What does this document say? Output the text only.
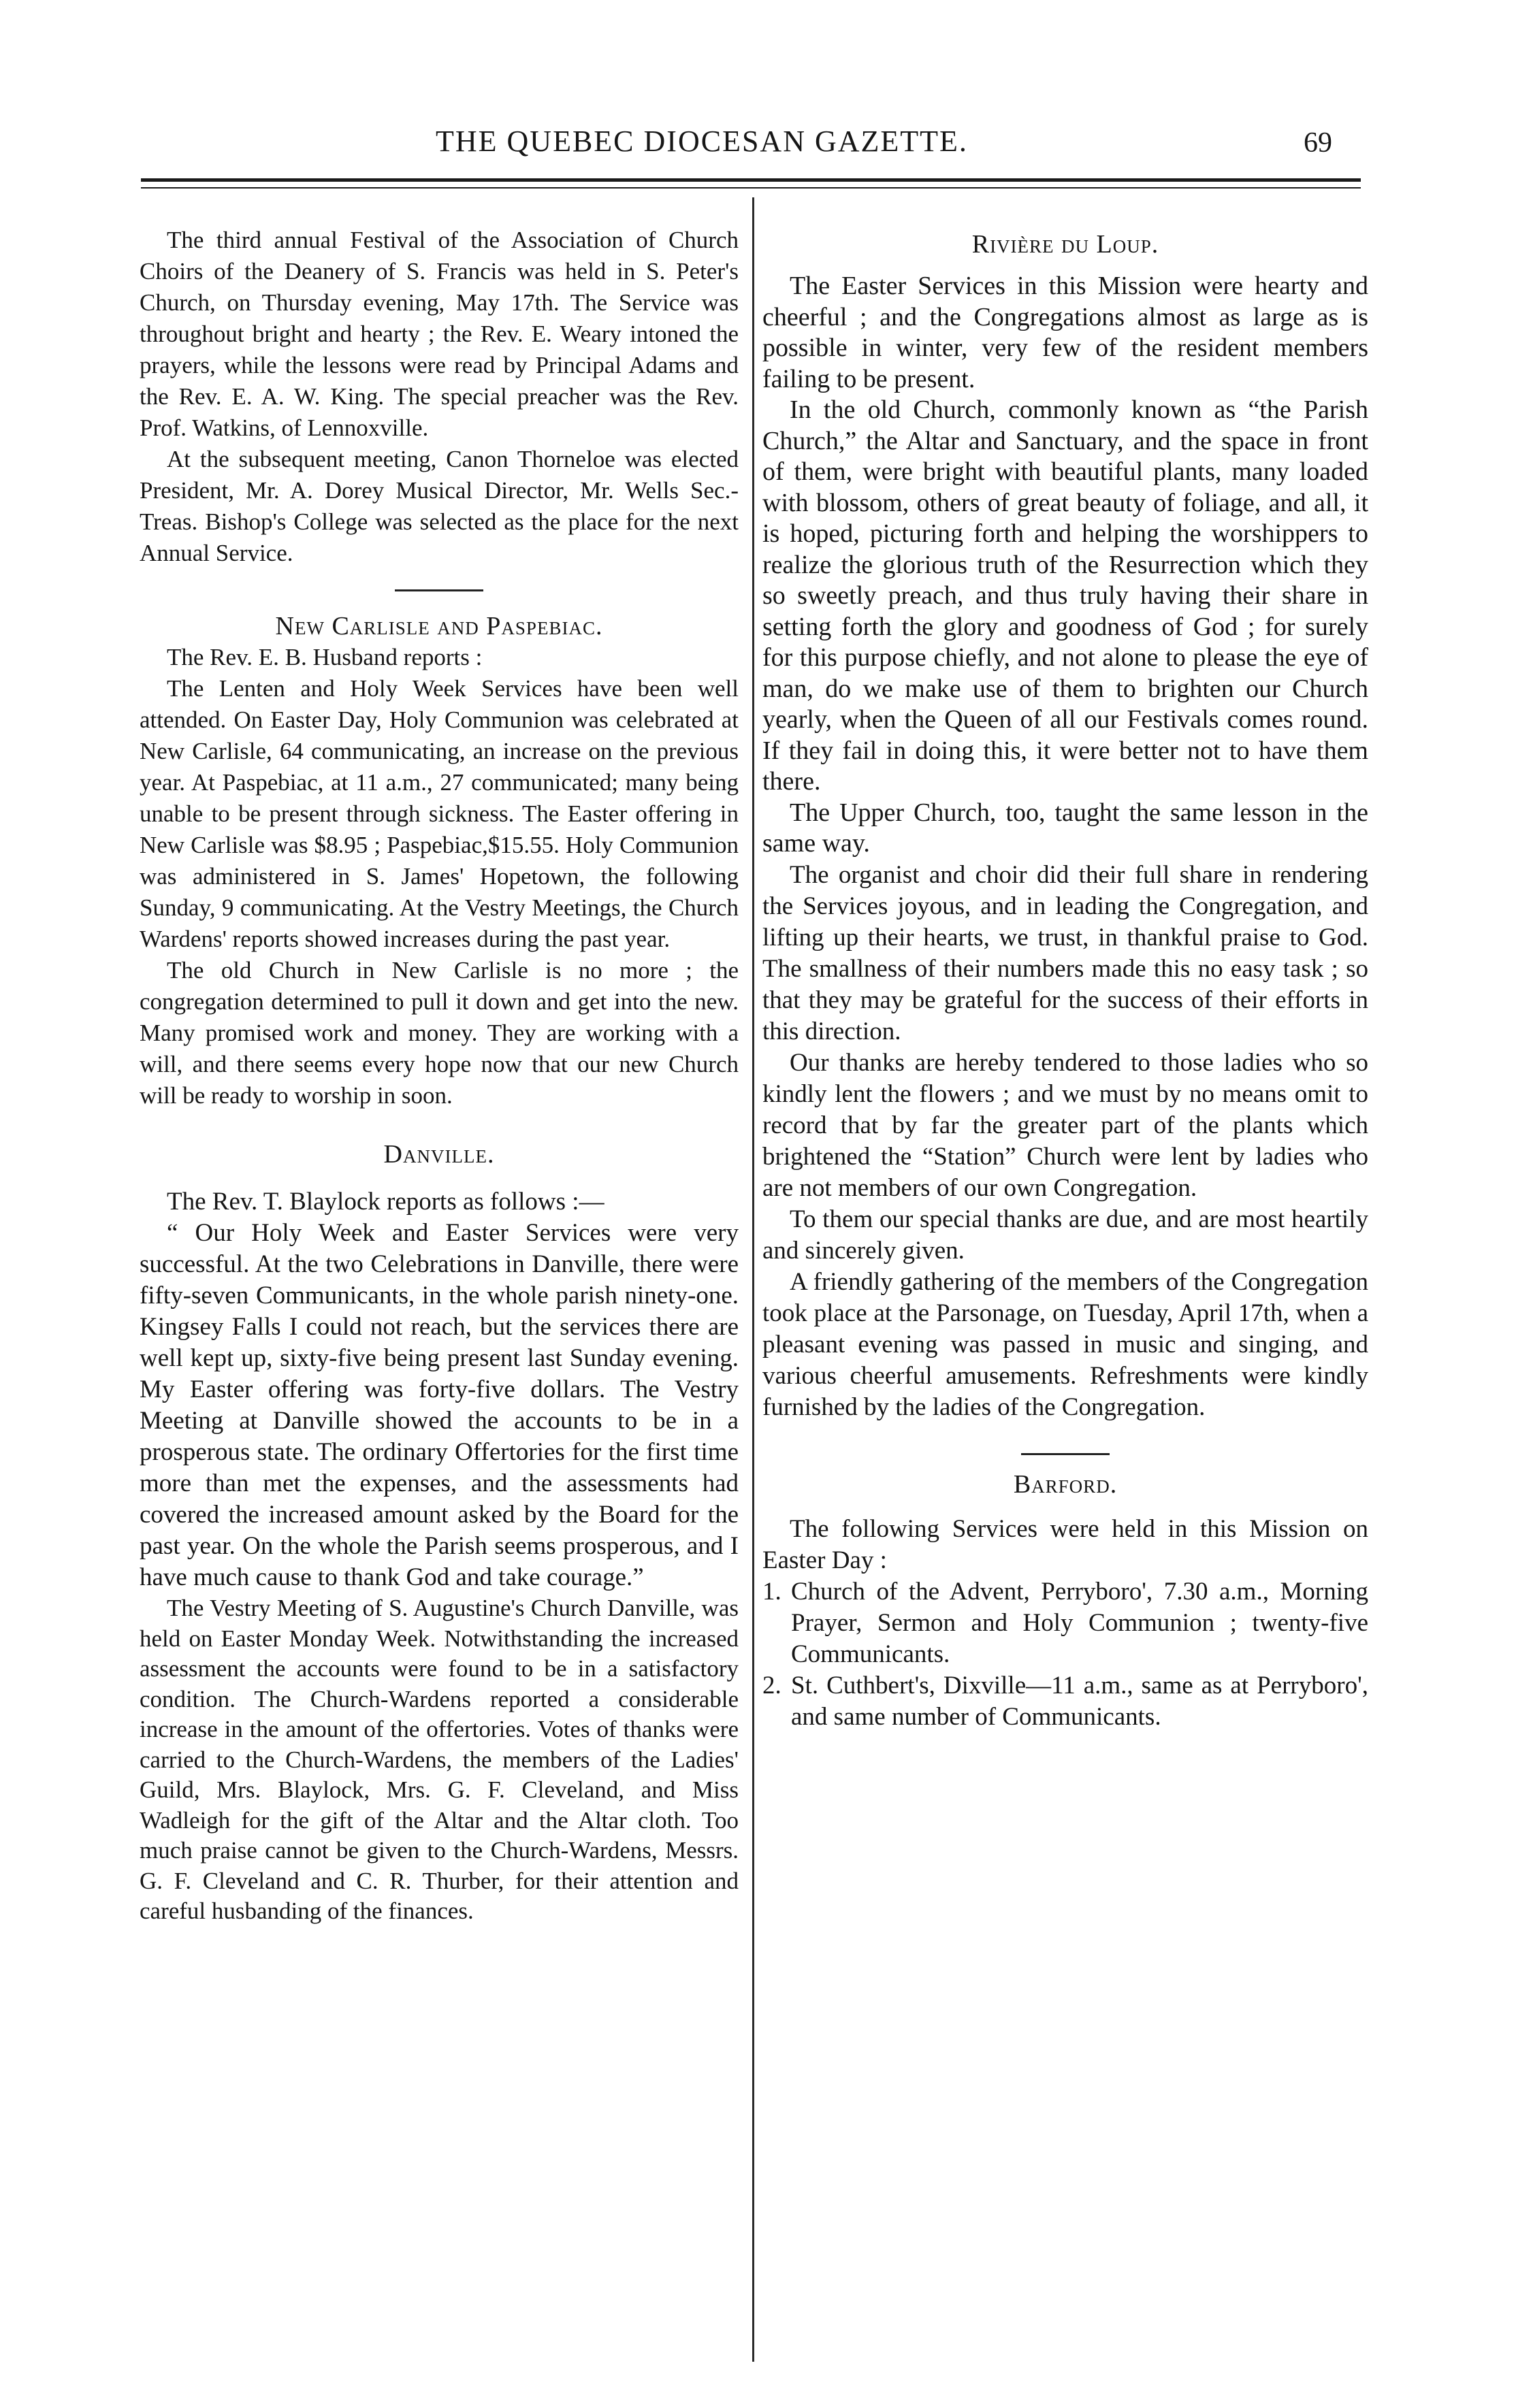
THE QUEBEC DIOCESAN GAZETTE.	69

The third annual Festival of the Association of Church Choirs of the Deanery of S. Francis was held in S. Peter's Church, on Thursday evening, May 17th. The Service was throughout bright and hearty ; the Rev. E. Weary intoned the prayers, while the lessons were read by Principal Adams and the Rev. E. A. W. King. The special preacher was the Rev. Prof. Watkins, of Lennoxville.

At the subsequent meeting, Canon Thorneloe was elected President, Mr. A. Dorey Musical Director, Mr. Wells Sec.-Treas. Bishop's College was selected as the place for the next Annual Service.

New Carlisle and Paspebiac.

The Rev. E. B. Husband reports :

The Lenten and Holy Week Services have been well attended. On Easter Day, Holy Communion was celebrated at New Carlisle, 64 communicating, an increase on the previous year. At Paspebiac, at 11 a.m., 27 communicated; many being unable to be present through sickness. The Easter offering in New Carlisle was $8.95 ; Paspebiac,$15.55. Holy Communion was administered in S. James' Hopetown, the following Sunday, 9 communicating. At the Vestry Meetings, the Church Wardens' reports showed increases during the past year.

The old Church in New Carlisle is no more ; the congregation determined to pull it down and get into the new. Many promised work and money. They are working with a will, and there seems every hope now that our new Church will be ready to worship in soon.

Danville.

The Rev. T. Blaylock reports as follows :—

“ Our Holy Week and Easter Services were very successful. At the two Celebrations in Danville, there were fifty-seven Communicants, in the whole parish ninety-one. Kingsey Falls I could not reach, but the services there are well kept up, sixty-five being present last Sunday evening. My Easter offering was forty-five dollars. The Vestry Meeting at Danville showed the accounts to be in a prosperous state. The ordinary Offertories for the first time more than met the expenses, and the assessments had covered the increased amount asked by the Board for the past year. On the whole the Parish seems prosperous, and I have much cause to thank God and take courage.”

The Vestry Meeting of S. Augustine's Church Danville, was held on Easter Monday Week. Notwithstanding the increased assessment the accounts were found to be in a satisfactory condition. The Church-Wardens reported a considerable increase in the amount of the offertories. Votes of thanks were carried to the Church-Wardens, the members of the Ladies' Guild, Mrs. Blaylock, Mrs. G. F. Cleveland, and Miss Wadleigh for the gift of the Altar and the Altar cloth. Too much praise cannot be given to the Church-Wardens, Messrs. G. F. Cleveland and C. R. Thurber, for their attention and careful husbanding of the finances.

Rivière du Loup.

The Easter Services in this Mission were hearty and cheerful ; and the Congregations almost as large as is possible in winter, very few of the resident members failing to be present.

In the old Church, commonly known as “the Parish Church,” the Altar and Sanctuary, and the space in front of them, were bright with beautiful plants, many loaded with blossom, others of great beauty of foliage, and all, it is hoped, picturing forth and helping the worshippers to realize the glorious truth of the Resurrection which they so sweetly preach, and thus truly having their share in setting forth the glory and goodness of God ; for surely for this purpose chiefly, and not alone to please the eye of man, do we make use of them to brighten our Church yearly, when the Queen of all our Festivals comes round. If they fail in doing this, it were better not to have them there.

The Upper Church, too, taught the same lesson in the same way.

The organist and choir did their full share in rendering the Services joyous, and in leading the Congregation, and lifting up their hearts, we trust, in thankful praise to God. The smallness of their numbers made this no easy task ; so that they may be grateful for the success of their efforts in this direction.

Our thanks are hereby tendered to those ladies who so kindly lent the flowers ; and we must by no means omit to record that by far the greater part of the plants which brightened the “Station” Church were lent by ladies who are not members of our own Congregation.

To them our special thanks are due, and are most heartily and sincerely given.

A friendly gathering of the members of the Congregation took place at the Parsonage, on Tuesday, April 17th, when a pleasant evening was passed in music and singing, and various cheerful amusements. Refreshments were kindly furnished by the ladies of the Congregation.

Barford.

The following Services were held in this Mission on Easter Day :

1. Church of the Advent, Perryboro', 7.30 a.m., Morning Prayer, Sermon and Holy Communion ; twenty-five Communicants.
2. St. Cuthbert's, Dixville—11 a.m., same as at Perryboro', and same number of Communicants.
